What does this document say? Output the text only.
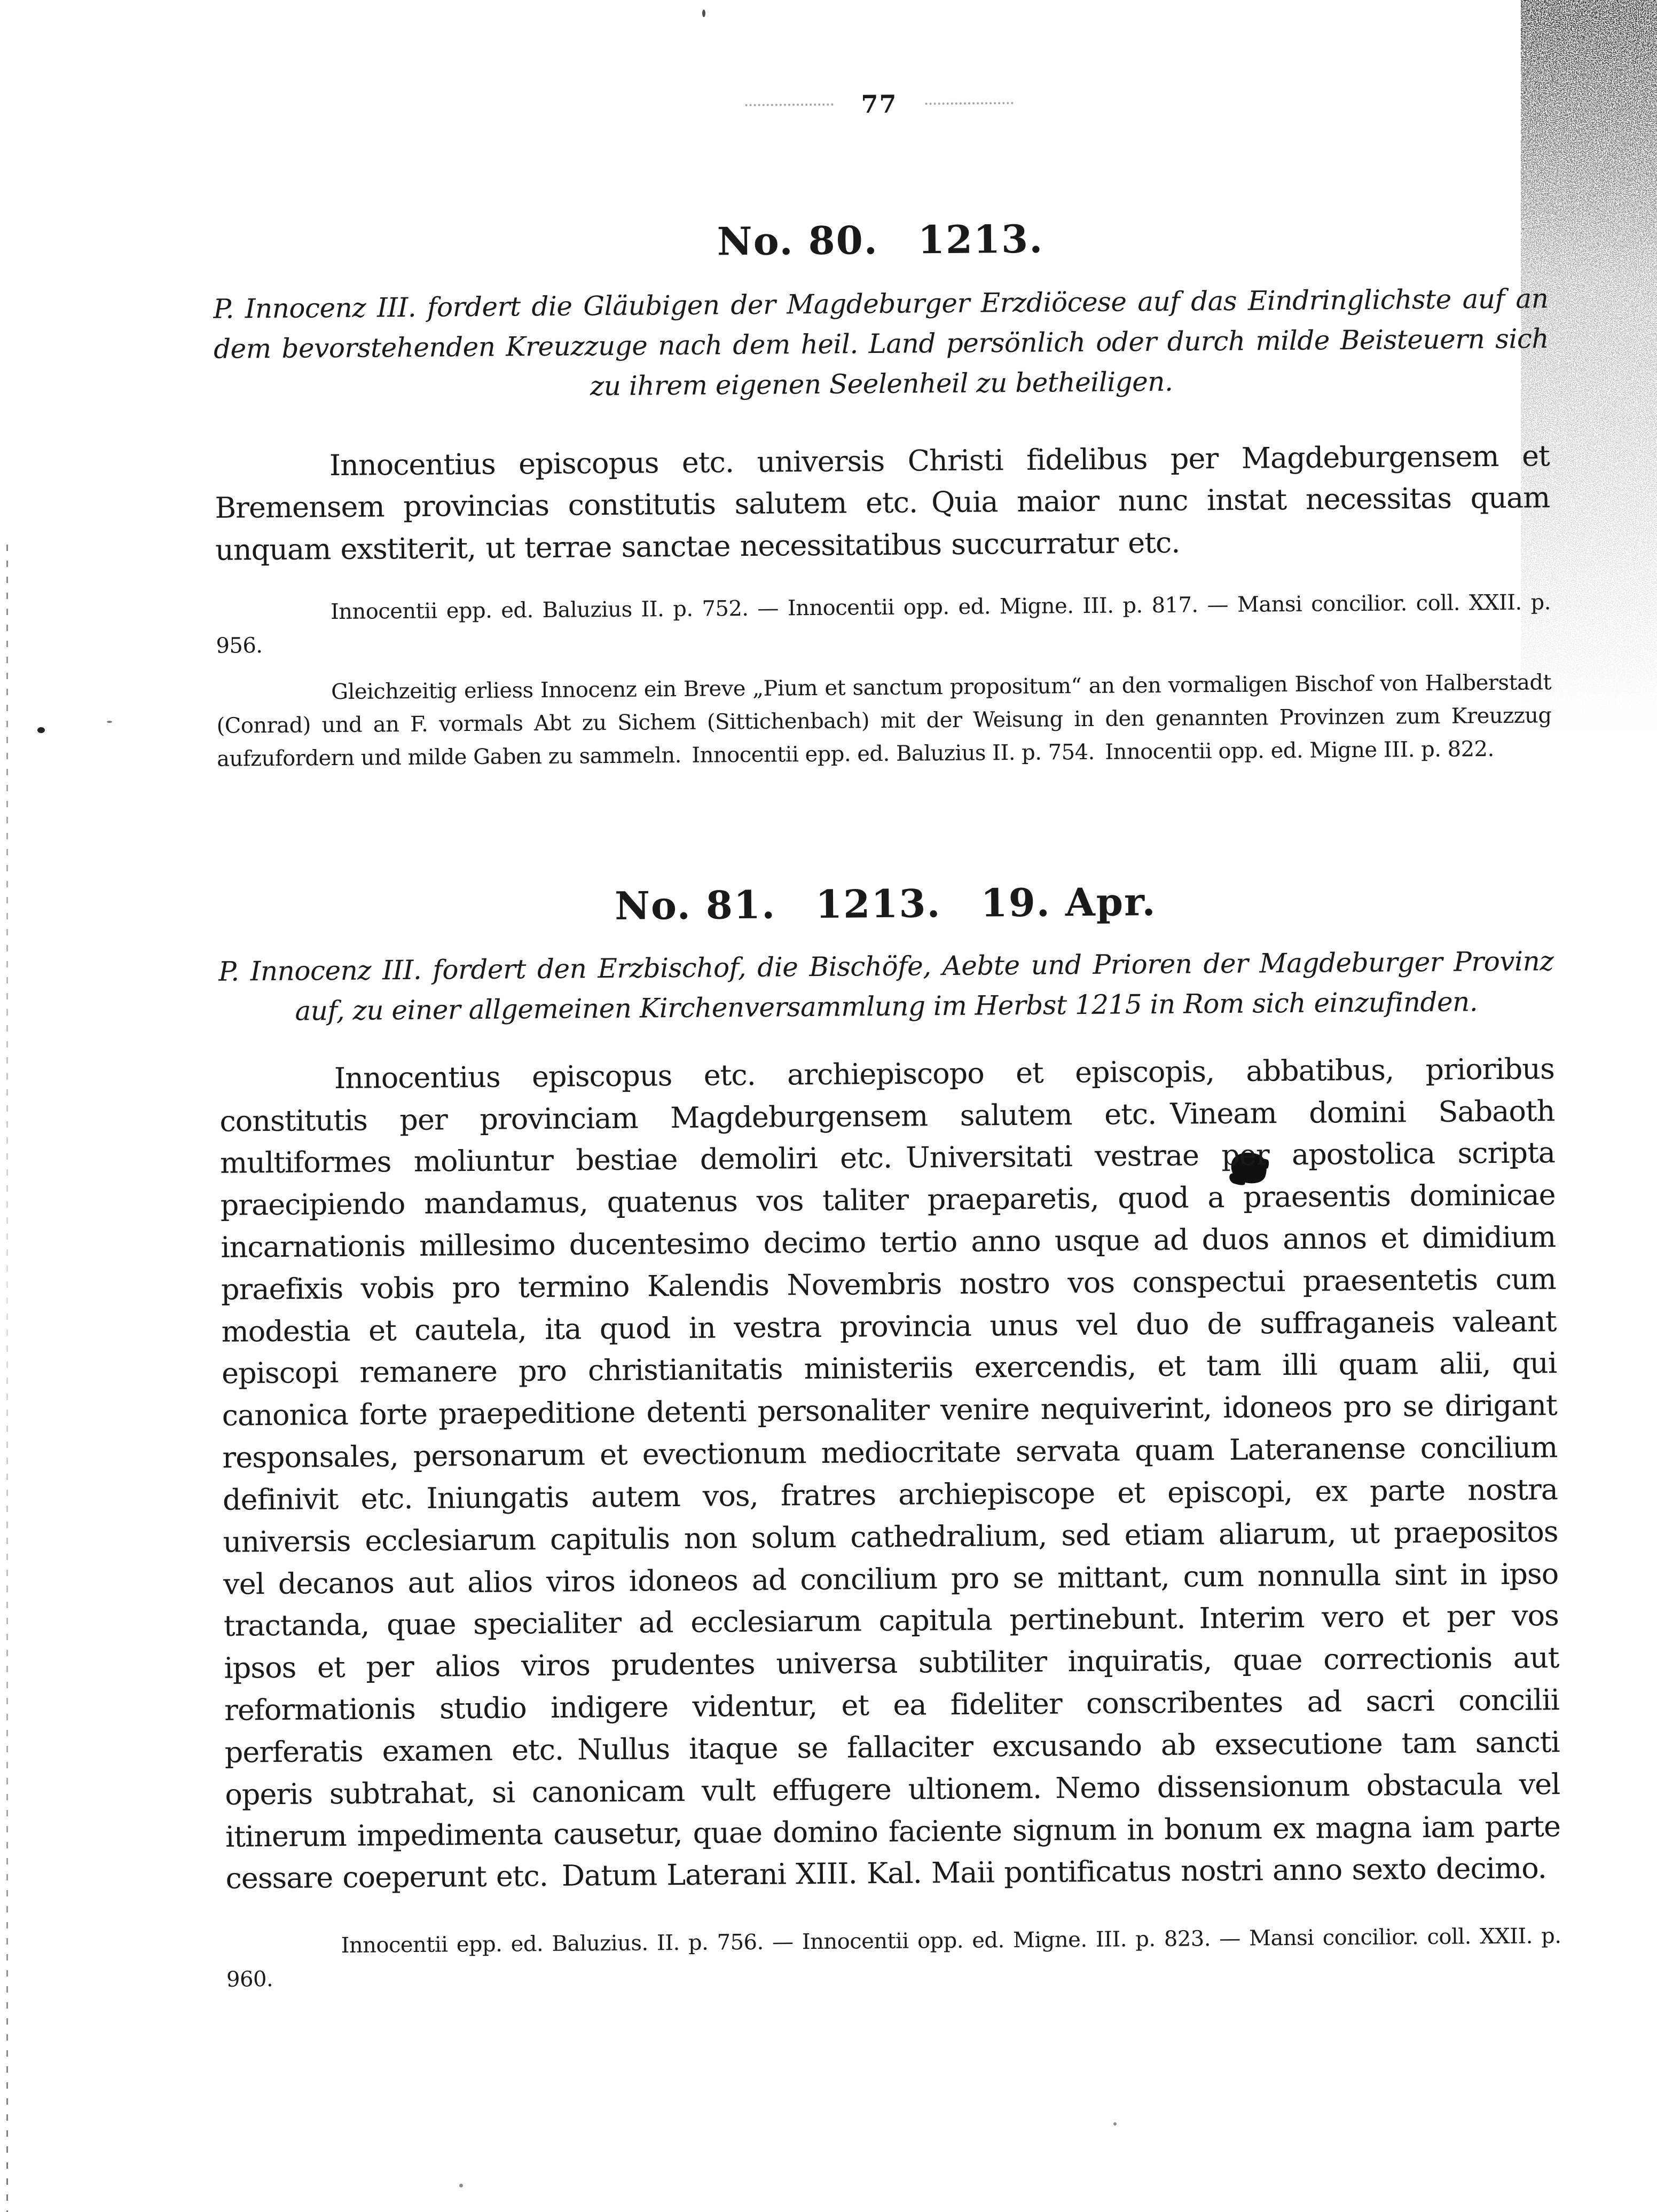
77
No. 80. 1213.

P. Innocenz III. fordert die Gläubigen der Magdeburger Erzdiöcese auf das Eindringlichste auf an dem bevorstehenden Kreuzzuge nach dem heil. Land persönlich oder durch milde Beisteuern sich zu ihrem eigenen Seelenheil zu betheiligen.

Innocentius episcopus etc. universis Christi fidelibus per Magdeburgensem et Bremensem provincias constitutis salutem etc. Quia maior nunc instat necessitas quam unquam exstiterit, ut terrae sanctae necessitatibus succurratur etc.

Innocentii epp. ed. Baluzius II. p. 752. — Innocentii opp. ed. Migne. III. p. 817. — Mansi concilior. coll. XXII. p. 956.

Gleichzeitig erliess Innocenz ein Breve „Pium et sanctum propositum“ an den vormaligen Bischof von Halberstadt (Conrad) und an F. vormals Abt zu Sichem (Sittichenbach) mit der Weisung in den genannten Provinzen zum Kreuzzug aufzufordern und milde Gaben zu sammeln. Innocentii epp. ed. Baluzius II. p. 754. Innocentii opp. ed. Migne III. p. 822.

No. 81. 1213. 19. Apr.

P. Innocenz III. fordert den Erzbischof, die Bischöfe, Aebte und Prioren der Magdeburger Provinz auf, zu einer allgemeinen Kirchenversammlung im Herbst 1215 in Rom sich einzufinden.

Innocentius episcopus etc. archiepiscopo et episcopis, abbatibus, prioribus constitutis per provinciam Magdeburgensem salutem etc. Vineam domini Sabaoth multiformes moliuntur bestiae demoliri etc. Universitati vestrae per apostolica scripta praecipiendo mandamus, quatenus vos taliter praeparetis, quod a praesentis dominicae incarnationis millesimo ducentesimo decimo tertio anno usque ad duos annos et dimidium praefixis vobis pro termino Kalendis Novembris nostro vos conspectui praesentetis cum modestia et cautela, ita quod in vestra provincia unus vel duo de suffraganeis valeant episcopi remanere pro christianitatis ministeriis exercendis, et tam illi quam alii, qui canonica forte praepeditione detenti personaliter venire nequiverint, idoneos pro se dirigant responsales, personarum et evectionum mediocritate servata quam Lateranense concilium definivit etc. Iniungatis autem vos, fratres archiepiscope et episcopi, ex parte nostra universis ecclesiarum capitulis non solum cathedralium, sed etiam aliarum, ut praepositos vel decanos aut alios viros idoneos ad concilium pro se mittant, cum nonnulla sint in ipso tractanda, quae specialiter ad ecclesiarum capitula pertinebunt. Interim vero et per vos ipsos et per alios viros prudentes universa subtiliter inquiratis, quae correctionis aut reformationis studio indigere videntur, et ea fideliter conscribentes ad sacri concilii perferatis examen etc. Nullus itaque se fallaciter excusando ab exsecutione tam sancti operis subtrahat, si canonicam vult effugere ultionem. Nemo dissensionum obstacula vel itinerum impedimenta causetur, quae domino faciente signum in bonum ex magna iam parte cessare coeperunt etc. Datum Laterani XIII. Kal. Maii pontificatus nostri anno sexto decimo.

Innocentii epp. ed. Baluzius. II. p. 756. — Innocentii opp. ed. Migne. III. p. 823. — Mansi concilior. coll. XXII. p. 960.
